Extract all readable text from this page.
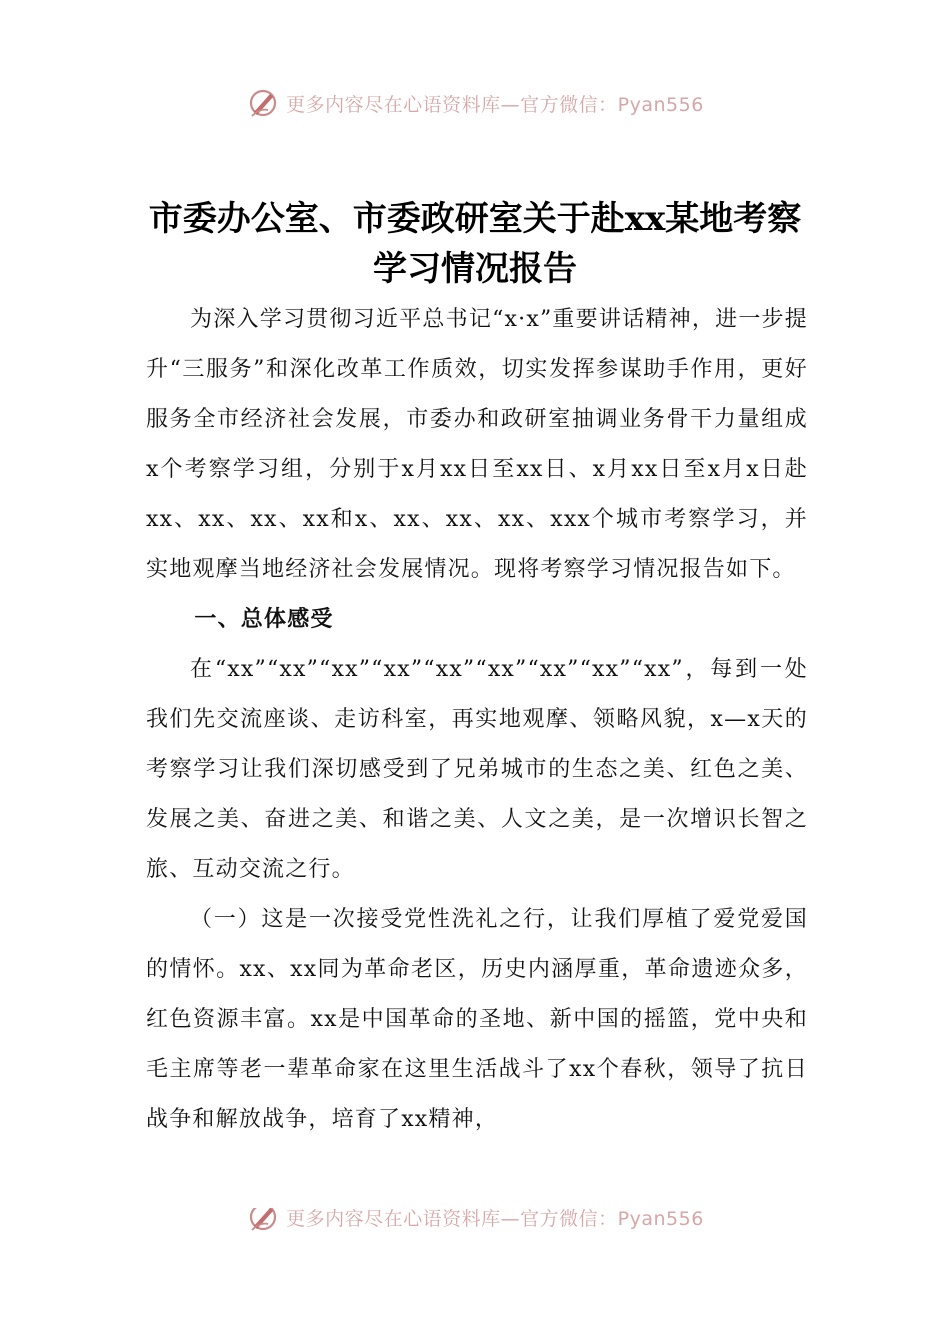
更多内容尽在心语资料库—官方微信：Pyan556
市委办公室、市委政研室关于赴xx某地考察学习情况报告

为深入学习贯彻习近平总书记“x·x”重要讲话精神，进一步提升“三服务”和深化改革工作质效，切实发挥参谋助手作用，更好服务全市经济社会发展，市委办和政研室抽调业务骨干力量组成x个考察学习组，分别于x月xx日至xx日、x月xx日至x月x日赴xx、xx、xx、xx和x、xx、xx、xx、xxx个城市考察学习，并实地观摩当地经济社会发展情况。现将考察学习情况报告如下。

一、总体感受

在“xx”“xx”“xx”“xx”“xx”“xx”“xx”“xx”“xx”，每到一处我们先交流座谈、走访科室，再实地观摩、领略风貌，x—x天的考察学习让我们深切感受到了兄弟城市的生态之美、红色之美、发展之美、奋进之美、和谐之美、人文之美，是一次增识长智之旅、互动交流之行。

（一）这是一次接受党性洗礼之行，让我们厚植了爱党爱国的情怀。xx、xx同为革命老区，历史内涵厚重，革命遗迹众多，红色资源丰富。xx是中国革命的圣地、新中国的摇篮，党中央和毛主席等老一辈革命家在这里生活战斗了xx个春秋，领导了抗日战争和解放战争，培育了xx精神，

更多内容尽在心语资料库—官方微信：Pyan556
